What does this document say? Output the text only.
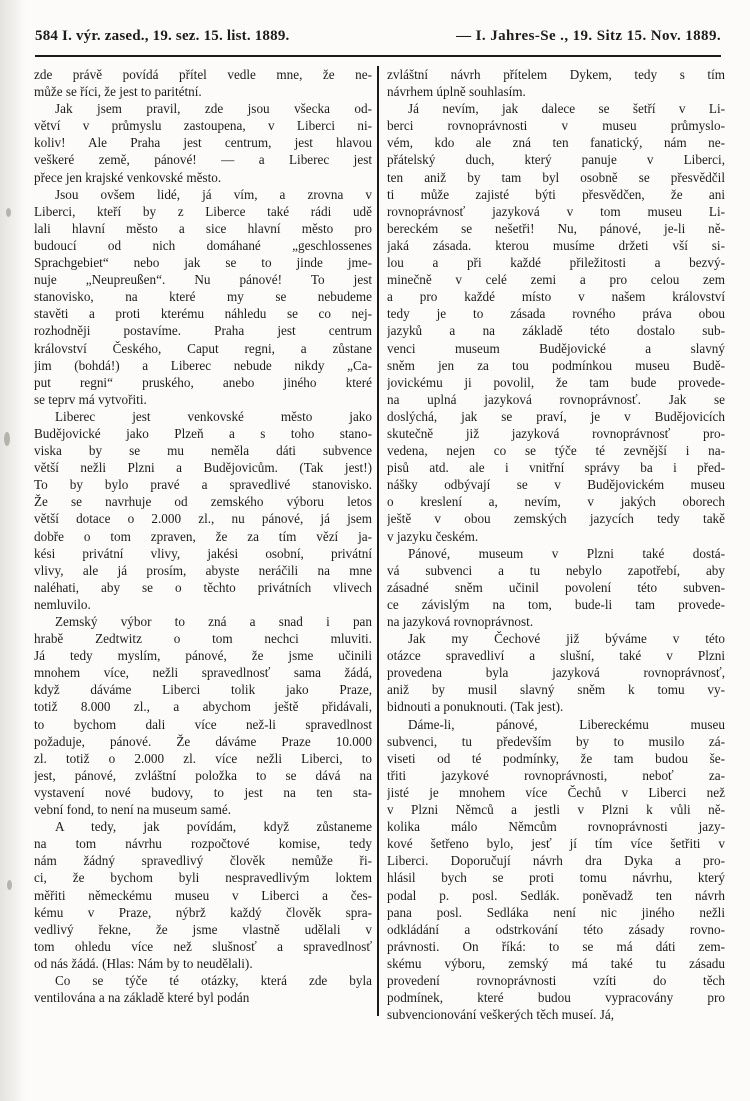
584 I. výr. zased., 19. sez. 15. list. 1889.	— I. Jahres-Se ., 19. Sitz 15. Nov. 1889.
zde právě povídá přítel vedle mne, že ne-
může se říci, že jest to paritétní.
Jak jsem pravil, zde jsou všecka od-
větví v průmyslu zastoupena, v Liberci ni-
koliv! Ale Praha jest centrum, jest hlavou
veškeré země, pánové! — a Liberec jest
přece jen krajské venkovské město.
Jsou ovšem lidé, já vím, a zrovna v
Liberci, kteří by z Liberce také rádi udě
lali hlavní město a sice hlavní město pro
budoucí od nich domáhané „geschlossenes
Sprachgebiet“ nebo jak se to jinde jme-
nuje „Neupreußen“. Nu pánové! To jest
stanovisko, na které my se nebudeme
stavěti a proti kterému náhledu se co nej-
rozhodněji postavíme. Praha jest centrum
království Českého, Caput regni, a zůstane
jim (bohdá!) a Liberec nebude nikdy „Ca-
put regni“ pruského, anebo jiného které
se teprv má vytvořiti.
Liberec jest venkovské město jako
Budějovické jako Plzeň a s toho stano-
viska by se mu neměla dáti subvence
větší nežli Plzni a Budějovicům. (Tak jest!)
To by bylo pravé a spravedlivé stanovisko.
Že se navrhuje od zemského výboru letos
větší dotace o 2.000 zl., nu pánové, já jsem
dobře o tom zpraven, že za tím vězí ja-
kési privátní vlivy, jakési osobní, privátní
vlivy, ale já prosím, abyste neráčili na mne
naléhati, aby se o těchto privátních vlivech
nemluvilo.
Zemský výbor to zná a snad i pan
hrabě Zedtwitz o tom nechci mluviti.
Já tedy myslím, pánové, že jsme učinili
mnohem více, nežli spravedlnosť sama žádá,
když dáváme Liberci tolik jako Praze,
totiž 8.000 zl., a abychom ještě přidávali,
to bychom dali více než-li spravedlnost
požaduje, pánové. Že dáváme Praze 10.000
zl. totiž o 2.000 zl. více nežli Liberci, to
jest, pánové, zvláštní položka to se dává na
vystavení nové budovy, to jest na ten sta-
vební fond, to není na museum samé.
A tedy, jak povídám, když zůstaneme
na tom návrhu rozpočtové komise, tedy
nám žádný spravedlivý člověk nemůže ři-
ci, že bychom byli nespravedlivým loktem
měřiti německému museu v Liberci a čes-
kému v Praze, nýbrž každý člověk spra-
vedlivý řekne, že jsme vlastně udělali v
tom ohledu více než slušnosť a spravedlnosť
od nás žádá. (Hlas: Nám by to neudělali).
Co se týče té otázky, která zde byla
ventilována a na základě které byl podán
zvláštní návrh přítelem Dykem, tedy s tím
návrhem úplně souhlasím.
Já nevím, jak dalece se šetří v Li-
berci rovnoprávnosti v museu průmyslo-
vém, kdo ale zná ten fanatický, nám ne-
přátelský duch, který panuje v Liberci,
ten aniž by tam byl osobně se přesvědčil
ti může zajisté býti přesvědčen, že ani
rovnoprávnosť jazyková v tom museu Li-
bereckém se nešetři! Nu, pánové, je-li ně-
jaká zásada. kterou musíme držeti vší si-
lou a při každé přiležitosti a bezvý-
minečně v celé zemi a pro celou zem
a pro každé místo v našem království
tedy je to zásada rovného práva obou
jazyků a na základě této dostalo sub-
venci museum Budějovické a slavný
sněm jen za tou podmínkou museu Budě-
jovickému ji povolil, že tam bude provede-
na uplná jazyková rovnoprávnosť. Jak se
doslýchá, jak se praví, je v Budějovicích
skutečně již jazyková rovnoprávnosť pro-
vedena, nejen co se týče té zevnější i na-
pisů atd. ale i vnitřní správy ba i před-
nášky odbývají se v Budějovickém museu
o kreslení a, nevím, v jakých oborech
ještě v obou zemských jazycích tedy takě
v jazyku českém.
Pánové, museum v Plzni také dostá-
vá subvenci a tu nebylo zapotřebí, aby
zásadné sněm učinil povolení této subven-
ce závislým na tom, bude-li tam provede-
na jazyková rovnoprávnost.
Jak my Čechové již býváme v této
otázce spravedliví a slušní, také v Plzni
provedena byla jazyková rovnoprávnosť,
aniž by musil slavný sněm k tomu vy-
bidnouti a ponuknouti. (Tak jest).
Dáme-li, pánové, Libereckému museu
subvenci, tu především by to musilo zá-
viseti od té podmínky, že tam budou še-
třiti jazykové rovnoprávnosti, neboť za-
jisté je mnohem více Čechů v Liberci než
v Plzni Němců a jestli v Plzni k vůli ně-
kolika málo Němcům rovnoprávnosti jazy-
kové šetřeno bylo, jesť jí tím více šetřiti v
Liberci. Doporučují návrh dra Dyka a pro-
hlásil bych se proti tomu návrhu, který
podal p. posl. Sedlák. poněvadž ten návrh
pana posl. Sedláka není nic jiného nežli
odkládání a odstrkování této zásady rovno-
právnosti. On říká: to se má dáti zem-
skému výboru, zemský má také tu zásadu
provedení rovnoprávnosti vzíti do těch
podmínek, které budou vypracovány pro
subvencionování veškerých těch museí. Já,
